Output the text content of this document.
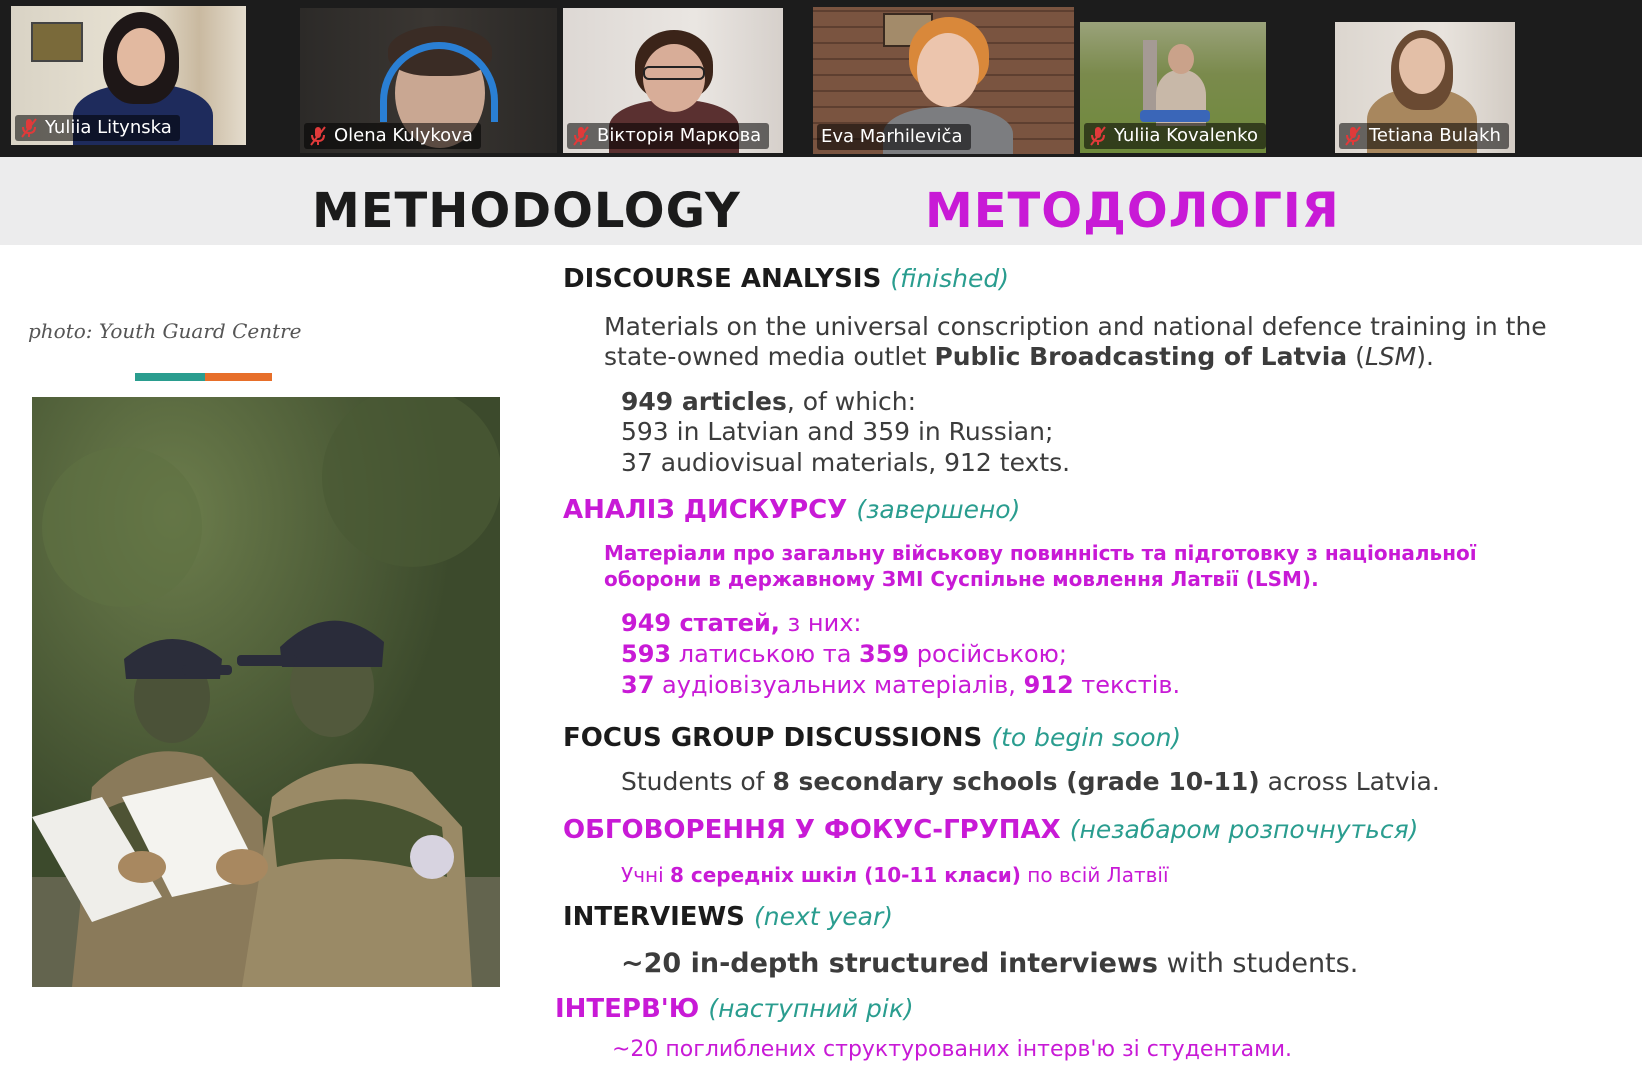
Yuliia Litynska	Olena Kulykova	Вікторія Маркова	Eva Marhilevіča	Yuliia Kovalenko	Tetiana Bulakh
METHODOLOGY	МЕТОДОЛОГІЯ
photo: Youth Guard Centre
DISCOURSE ANALYSIS (finished)
Materials on the universal conscription and national defence training in the
state-owned media outlet Public Broadcasting of Latvia (LSM).
949 articles, of which:
593 in Latvian and 359 in Russian;
37 audiovisual materials, 912 texts.
АНАЛІЗ ДИСКУРСУ (завершено)
Матеріали про загальну військову повинність та підготовку з національної
оборони в державному ЗМІ Суспільне мовлення Латвії (LSM).
949 статей, з них:
593 латиською та 359 російською;
37 аудіовізуальних матеріалів, 912 текстів.
FOCUS GROUP DISCUSSIONS (to begin soon)
Students of 8 secondary schools (grade 10-11) across Latvia.
ОБГОВОРЕННЯ У ФОКУС-ГРУПАХ (незабаром розпочнуться)
Учні 8 середніх шкіл (10-11 класи) по всій Латвії
INTERVIEWS (next year)
~20 in-depth structured interviews with students.
ІНТЕРВ'Ю (наступний рік)
~20 поглиблених структурованих інтерв'ю зі студентами.
